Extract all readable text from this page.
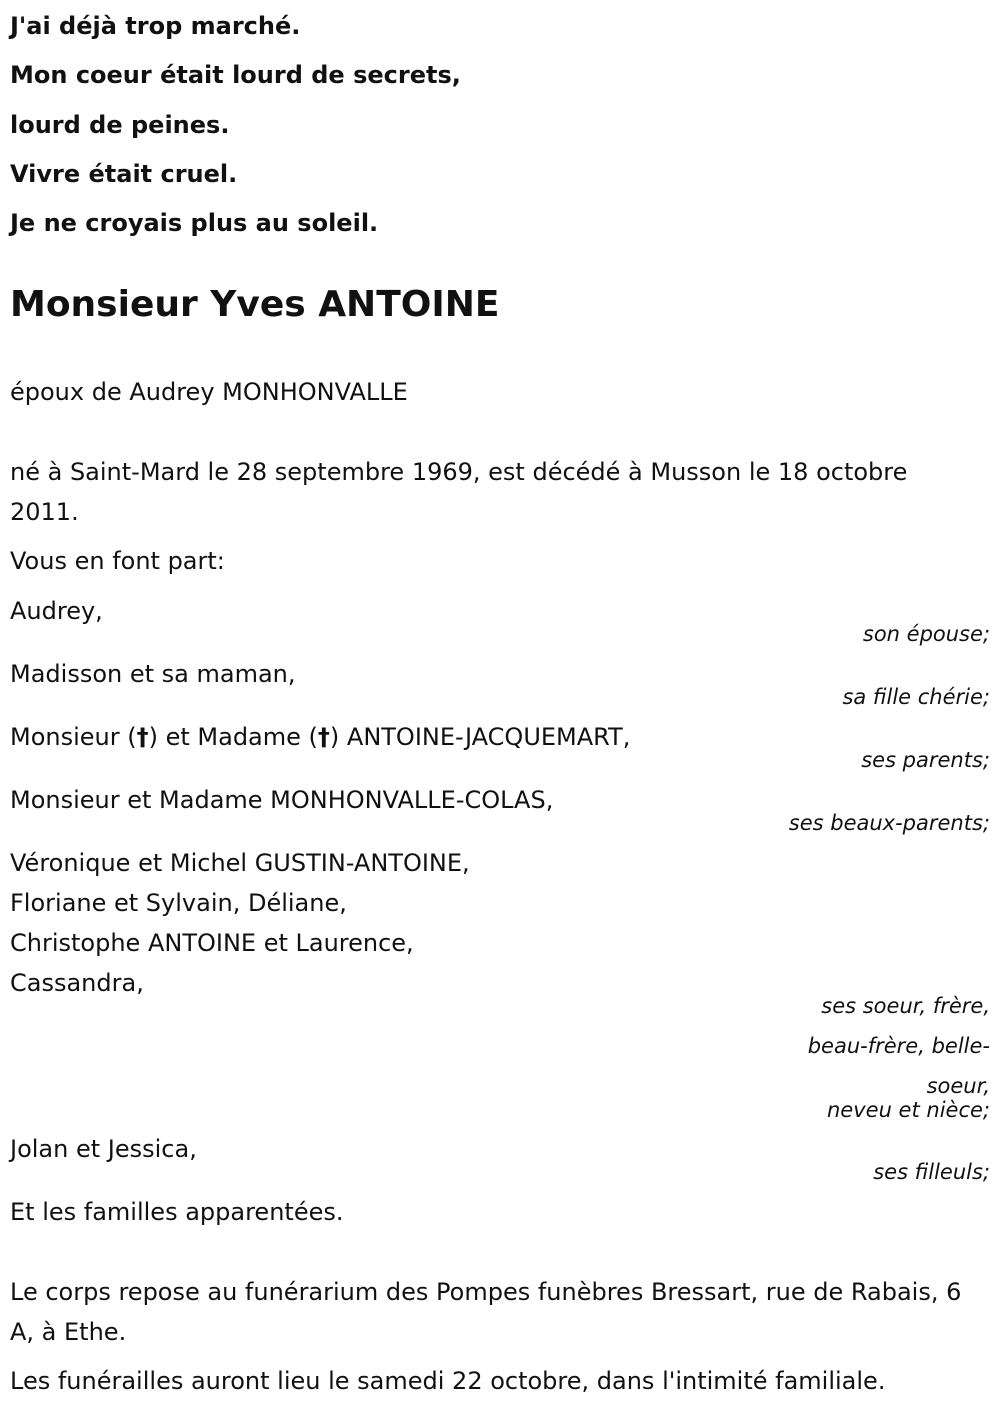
J'ai déjà trop marché.
Mon coeur était lourd de secrets,
lourd de peines.
Vivre était cruel.
Je ne croyais plus au soleil.
Monsieur Yves ANTOINE
époux de Audrey MONHONVALLE
né à Saint-Mard le 28 septembre 1969, est décédé à Musson le 18 octobre 2011.
Vous en font part:
Audrey,
son épouse;
Madisson et sa maman,
sa fille chérie;
Monsieur (†) et Madame (†) ANTOINE-JACQUEMART,
ses parents;
Monsieur et Madame MONHONVALLE-COLAS,
ses beaux-parents;
Véronique et Michel GUSTIN-ANTOINE,
Floriane et Sylvain, Déliane,
Christophe ANTOINE et Laurence,
Cassandra,
ses soeur, frère,
beau-frère, belle-soeur,
neveu et nièce;
Jolan et Jessica,
ses filleuls;
Et les familles apparentées.
Le corps repose au funérarium des Pompes funèbres Bressart, rue de Rabais, 6 A, à Ethe.
Les funérailles auront lieu le samedi 22 octobre, dans l'intimité familiale.
